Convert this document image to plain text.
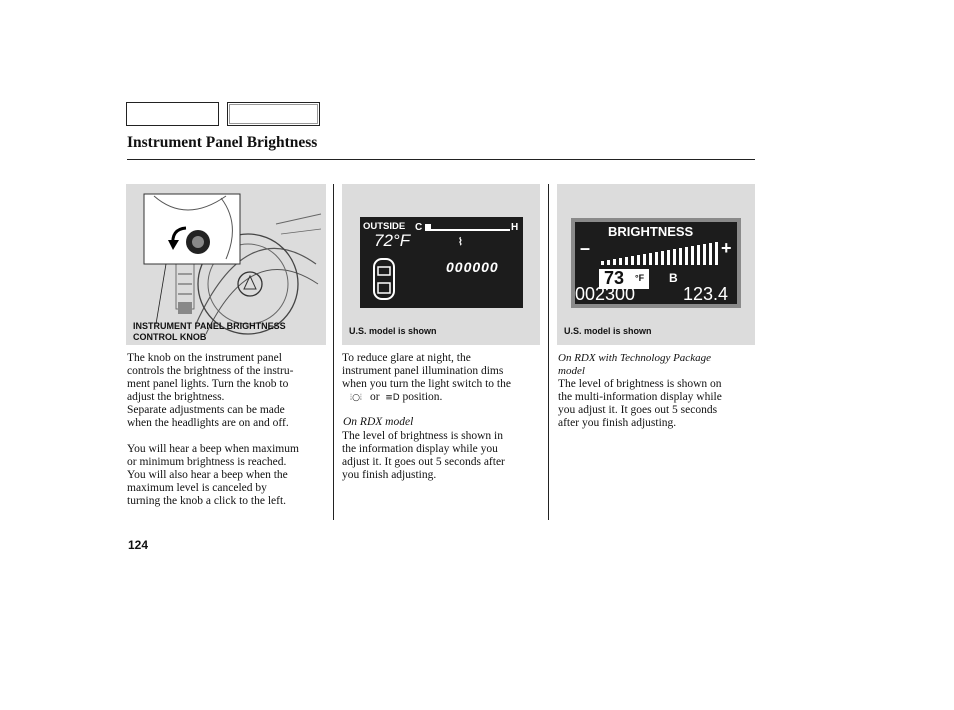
Instrument Panel Brightness
INSTRUMENT PANEL BRIGHTNESS
CONTROL KNOB
The knob on the instrument panel
controls the brightness of the instru-
ment panel lights. Turn the knob to
adjust the brightness.
Separate adjustments can be made
when the headlights are on and off.
You will hear a beep when maximum
or minimum brightness is reached.
You will also hear a beep when the
maximum level is canceled by
turning the knob a click to the left.
OUTSIDE
72°F
C	H
⌇
000000
U.S. model is shown
To reduce glare at night, the
instrument panel illumination dims
when you turn the light switch to the
⦙○⦙ or ≡D position.
On RDX model
The level of brightness is shown in
the information display while you
adjust it. It goes out 5 seconds after
you finish adjusting.
BRIGHTNESS
–	+
73 °F B
002300	123.4
U.S. model is shown
On RDX with Technology Package
model
The level of brightness is shown on
the multi-information display while
you adjust it. It goes out 5 seconds
after you finish adjusting.
124
